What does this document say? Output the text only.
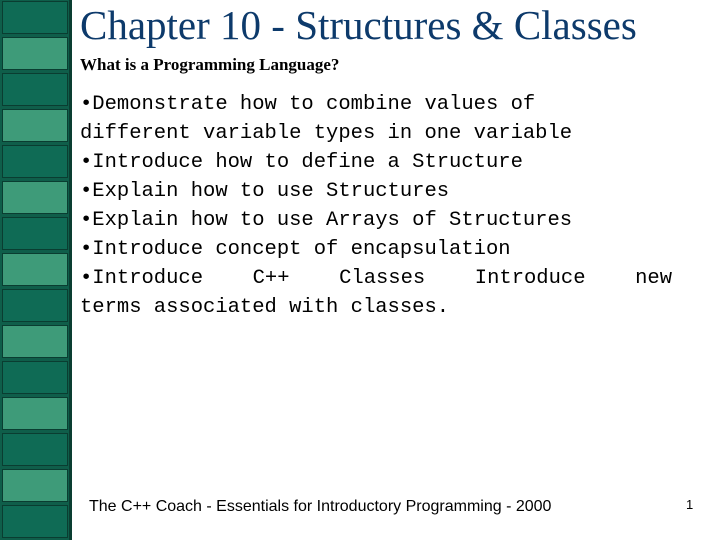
Chapter 10 - Structures & Classes
What is a Programming Language?
•Demonstrate how to combine values of
different variable types in one variable
•Introduce how to define a Structure
•Explain how to use Structures
•Explain how to use Arrays of Structures
•Introduce concept of encapsulation
•Introduce C++ Classes Introduce new
terms associated with classes.

The C++ Coach - Essentials for Introductory Programming - 2000	1
